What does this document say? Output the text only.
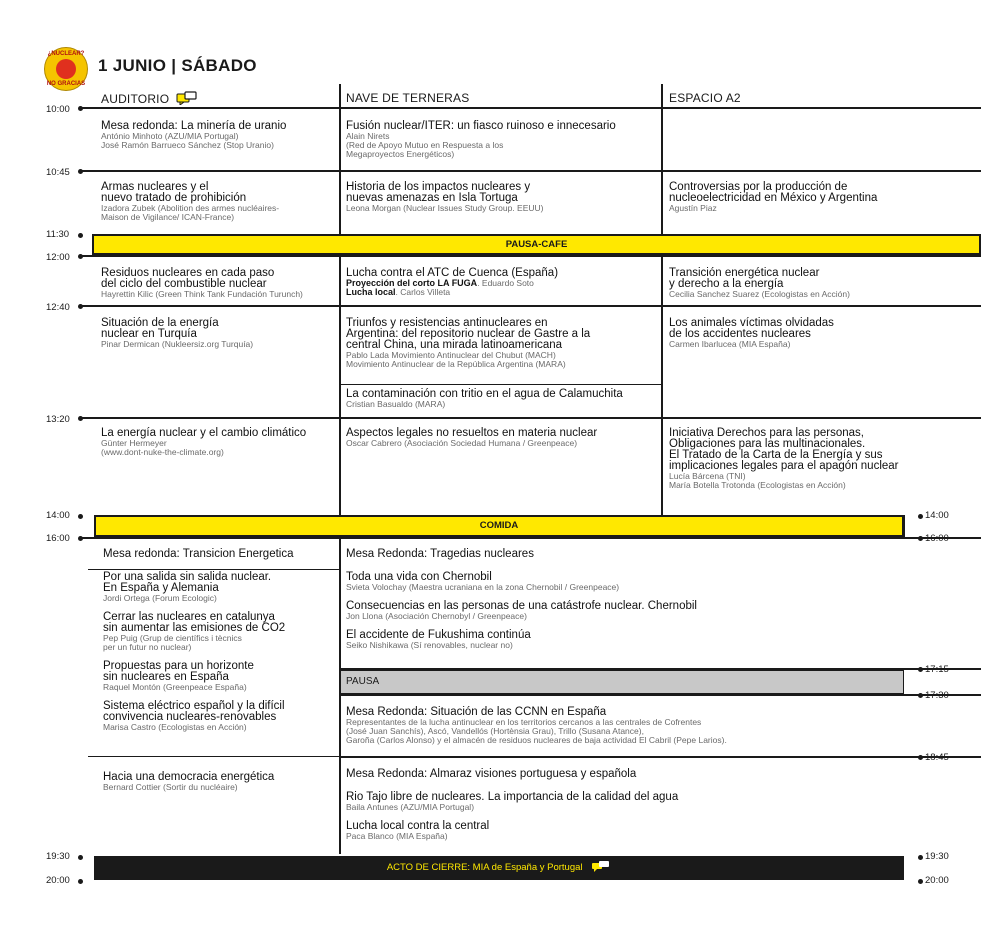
¿NUCLEAR?
NO GRACIAS
1 JUNIO | SÁBADO
AUDITORIO	NAVE DE TERNERAS	ESPACIO A2
10:00
10:45
11:30
12:00
12:40
13:20
14:00
16:00
19:30
20:00
14:00
16:00
17:15
17:30
18:45
19:30
20:00
PAUSA-CAFE
COMIDA
PAUSA
ACTO DE CIERRE: MIA de España y Portugal
Mesa redonda: La minería de uranio
António Minhoto (AZU/MIA Portugal)
José Ramón Barrueco Sánchez (Stop Uranio)
Armas nucleares y el
nuevo tratado de prohibición
Izadora Zubek (Abolition des armes nucléaires-
Maison de Vigilance/ ICAN-France)
Residuos nucleares en cada paso
del ciclo del combustible nuclear
Hayrettin Kilic (Green Think Tank Fundación Turunch)
Situación de la energía
nuclear en Turquía
Pinar Dermican (Nukleersiz.org Turquía)
La energía nuclear y el cambio climático
Günter Hermeyer
(www.dont-nuke-the-climate.org)
Mesa redonda: Transicion Energetica
Por una salida sin salida nuclear.
En España y Alemania
Jordi Ortega (Forum Ecologic)
Cerrar las nucleares en catalunya
sin aumentar las emisiones de CO2
Pep Puig (Grup de científics i tècnics
per un futur no nuclear)
Propuestas para un horizonte
sin nucleares en España
Raquel Montón (Greenpeace España)
Sistema eléctrico español y la difícil
convivencia nucleares-renovables
Marisa Castro (Ecologistas en Acción)
Hacia una democracia energética
Bernard Cottier (Sortir du nucléaire)
Fusión nuclear/ITER: un fiasco ruinoso e innecesario
Alain Nirets
(Red de Apoyo Mutuo en Respuesta a los
Megaproyectos Energéticos)
Historia de los impactos nucleares y
nuevas amenazas en Isla Tortuga
Leona Morgan (Nuclear Issues Study Group. EEUU)
Lucha contra el ATC de Cuenca (España)
Proyección del corto LA FUGA. Eduardo Soto
Lucha local. Carlos Villeta
Triunfos y resistencias antinucleares en
Argentina: del repositorio nuclear de Gastre a la
central China, una mirada latinoamericana
Pablo Lada Movimiento Antinuclear del Chubut (MACH)
Movimiento Antinuclear de la República Argentina (MARA)
La contaminación con tritio en el agua de Calamuchita
Cristian Basualdo (MARA)
Aspectos legales no resueltos en materia nuclear
Oscar Cabrero (Asociación Sociedad Humana / Greenpeace)
Mesa Redonda: Tragedias nucleares
Toda una vida con Chernobil
Svieta Volochay (Maestra ucraniana en la zona Chernobil / Greenpeace)
Consecuencias en las personas de una catástrofe nuclear. Chernobil
Jon Llona (Asociación Chernobyl / Greenpeace)
El accidente de Fukushima continúa
Seiko Nishikawa (Sí renovables, nuclear no)
Mesa Redonda: Situación de las CCNN en España
Representantes de la lucha antinuclear en los territorios cercanos a las centrales de Cofrentes
(José Juan Sanchís), Ascó, Vandellós (Hortènsia Grau), Trillo (Susana Atance),
Garoña (Carlos Alonso) y el almacén de residuos nucleares de baja actividad El Cabril (Pepe Larios).
Mesa Redonda: Almaraz visiones portuguesa y española
Rio Tajo libre de nucleares. La importancia de la calidad del agua
Baila Antunes (AZU/MIA Portugal)
Lucha local contra la central
Paca Blanco (MIA España)
Controversias por la producción de
nucleoelectricidad en México y Argentina
Agustín Piaz
Transición energética nuclear
y derecho a la energía
Cecilia Sanchez Suarez (Ecologistas en Acción)
Los animales víctimas olvidadas
de los accidentes nucleares
Carmen Ibarlucea (MIA España)
Iniciativa Derechos para las personas,
Obligaciones para las multinacionales.
El Tratado de la Carta de la Energía y sus
implicaciones legales para el apagón nuclear
Lucía Bárcena (TNI)
María Botella Trotonda (Ecologistas en Acción)
